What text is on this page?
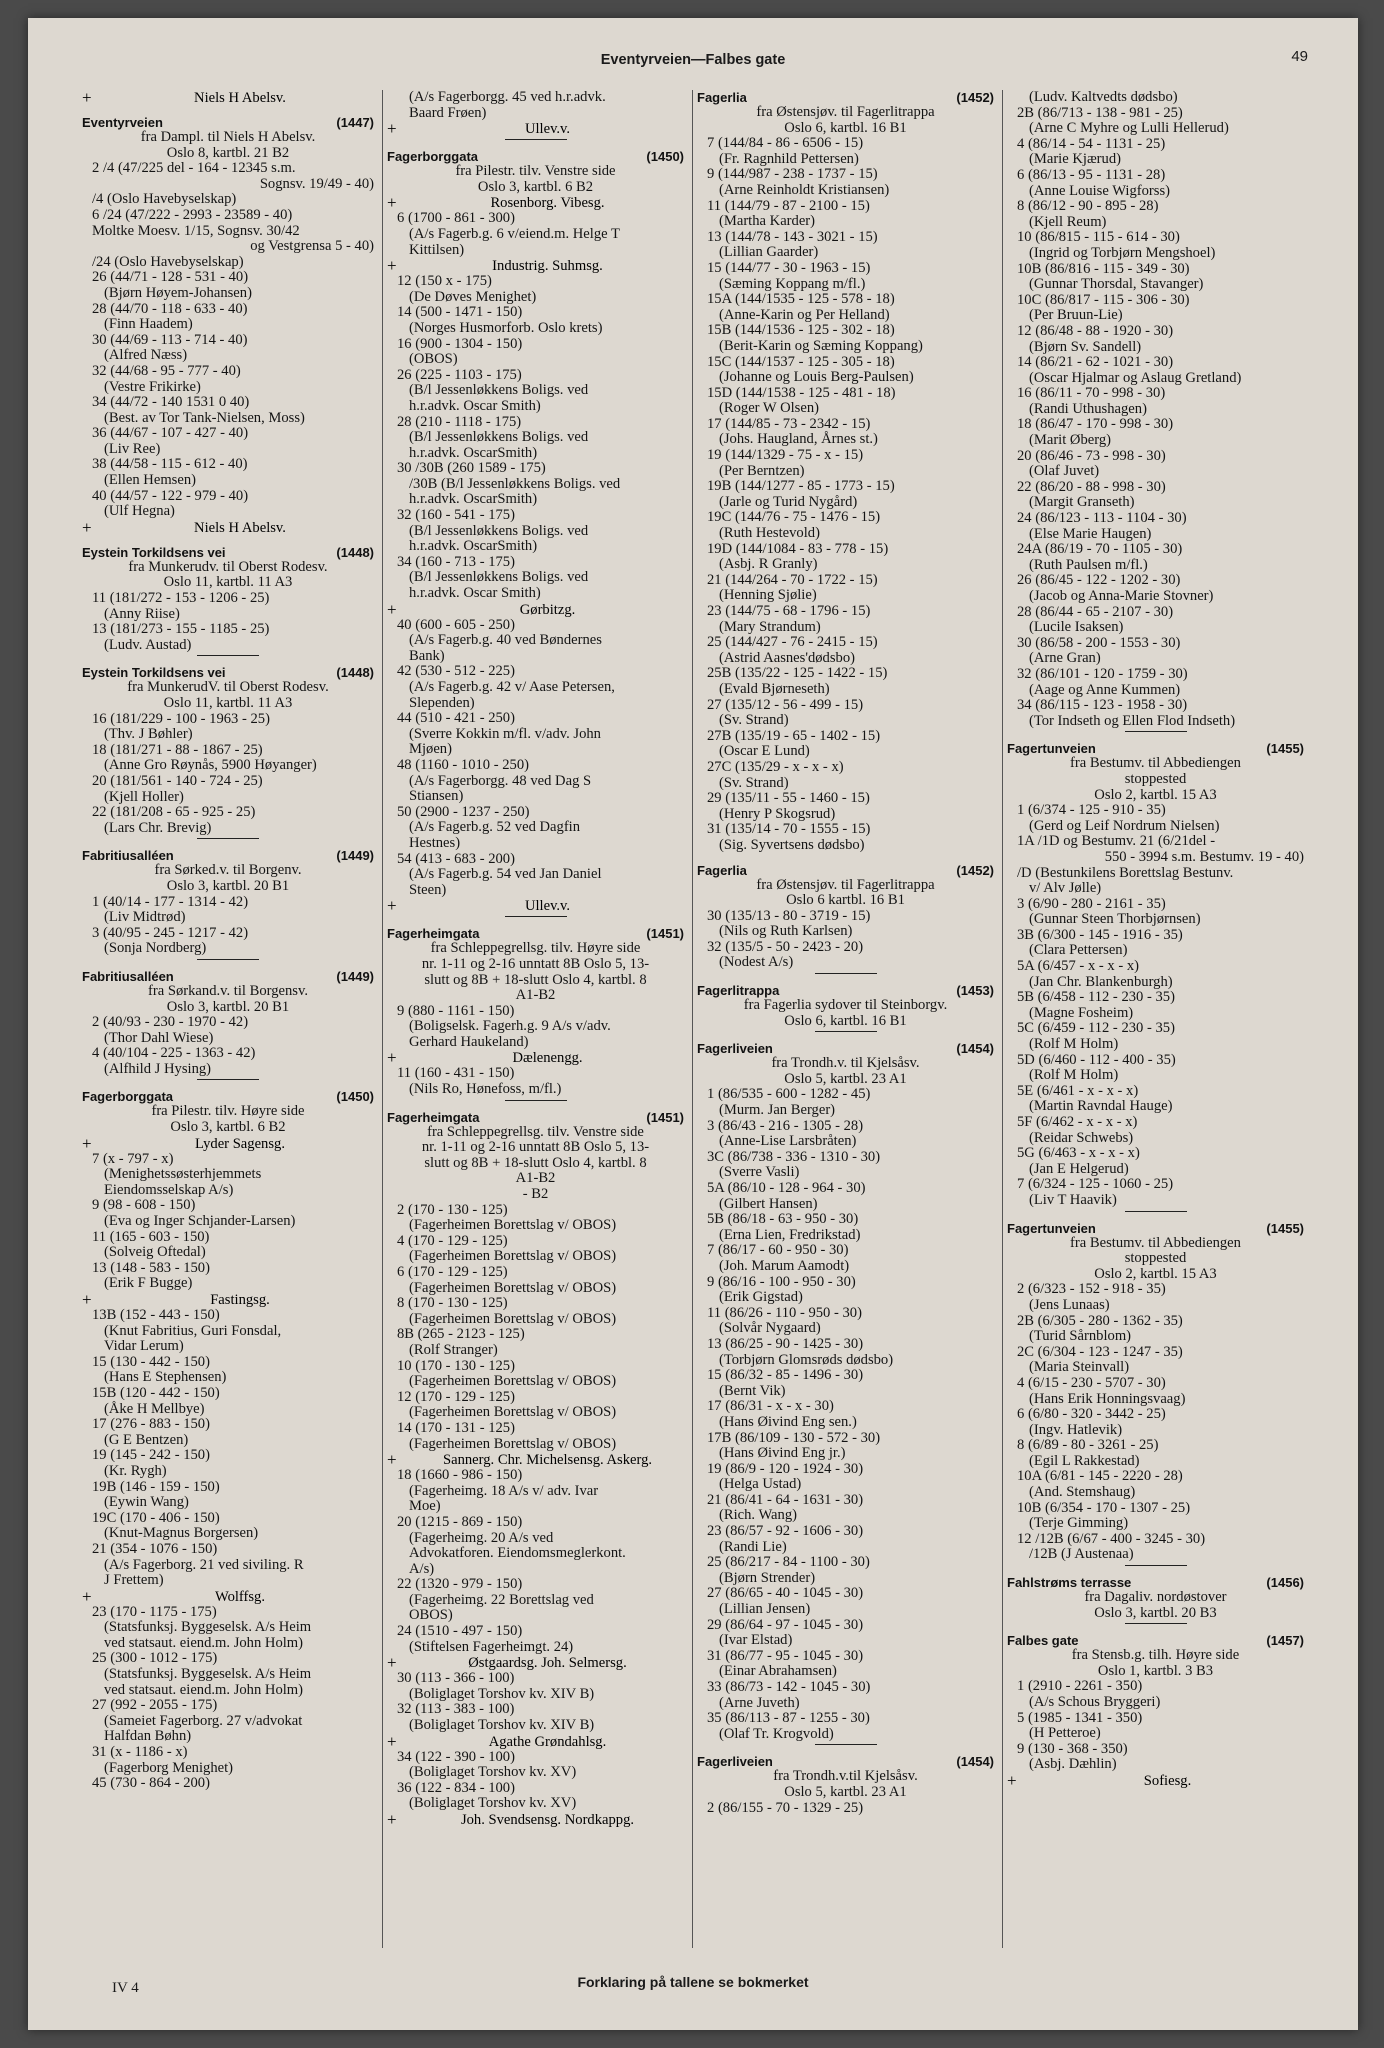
Eventyrveien—Falbes gate	49
+	Niels H Abelsv.
Eventyrveien	(1447)
fra Dampl. til Niels H Abelsv.
Oslo 8, kartbl. 21 B2
2 /4 (47/225 del - 164 - 12345 s.m.
Sognsv. 19/49 - 40)
/4 (Oslo Havebyselskap)
6 /24 (47/222 - 2993 - 23589 - 40)
Moltke Moesv. 1/15, Sognsv. 30/42
og Vestgrensa 5 - 40)
/24 (Oslo Havebyselskap)
26 (44/71 - 128 - 531 - 40)
(Bjørn Høyem-Johansen)
28 (44/70 - 118 - 633 - 40)
(Finn Haadem)
30 (44/69 - 113 - 714 - 40)
(Alfred Næss)
32 (44/68 - 95 - 777 - 40)
(Vestre Frikirke)
34 (44/72 - 140 1531 0 40)
(Best. av Tor Tank-Nielsen, Moss)
36 (44/67 - 107 - 427 - 40)
(Liv Ree)
38 (44/58 - 115 - 612 - 40)
(Ellen Hemsen)
40 (44/57 - 122 - 979 - 40)
(Ulf Hegna)
+	Niels H Abelsv.
Eystein Torkildsens vei	(1448)
fra Munkerudv. til Oberst Rodesv.
Oslo 11, kartbl. 11 A3
11 (181/272 - 153 - 1206 - 25)
(Anny Riise)
13 (181/273 - 155 - 1185 - 25)
(Ludv. Austad)
Eystein Torkildsens vei	(1448)
fra MunkerudV. til Oberst Rodesv.
Oslo 11, kartbl. 11 A3
16 (181/229 - 100 - 1963 - 25)
(Thv. J Bøhler)
18 (181/271 - 88 - 1867 - 25)
(Anne Gro Røynås, 5900 Høyanger)
20 (181/561 - 140 - 724 - 25)
(Kjell Holler)
22 (181/208 - 65 - 925 - 25)
(Lars Chr. Brevig)
Fabritiusalléen	(1449)
fra Sørked.v. til Borgenv.
Oslo 3, kartbl. 20 B1
1 (40/14 - 177 - 1314 - 42)
(Liv Midtrød)
3 (40/95 - 245 - 1217 - 42)
(Sonja Nordberg)
Fabritiusalléen	(1449)
fra Sørkand.v. til Borgensv.
Oslo 3, kartbl. 20 B1
2 (40/93 - 230 - 1970 - 42)
(Thor Dahl Wiese)
4 (40/104 - 225 - 1363 - 42)
(Alfhild J Hysing)
Fagerborggata	(1450)
fra Pilestr. tilv. Høyre side
Oslo 3, kartbl. 6 B2
+	Lyder Sagensg.
7 (x - 797 - x)
(Menighetssøsterhjemmets
Eiendomsselskap A/s)
9 (98 - 608 - 150)
(Eva og Inger Schjander-Larsen)
11 (165 - 603 - 150)
(Solveig Oftedal)
13 (148 - 583 - 150)
(Erik F Bugge)
+	Fastingsg.
13B (152 - 443 - 150)
(Knut Fabritius, Guri Fonsdal,
Vidar Lerum)
15 (130 - 442 - 150)
(Hans E Stephensen)
15B (120 - 442 - 150)
(Åke H Mellbye)
17 (276 - 883 - 150)
(G E Bentzen)
19 (145 - 242 - 150)
(Kr. Rygh)
19B (146 - 159 - 150)
(Eywin Wang)
19C (170 - 406 - 150)
(Knut-Magnus Borgersen)
21 (354 - 1076 - 150)
(A/s Fagerborg. 21 ved siviling. R
J Frettem)
+	Wolffsg.
23 (170 - 1175 - 175)
(Statsfunksj. Byggeselsk. A/s Heim
ved statsaut. eiend.m. John Holm)
25 (300 - 1012 - 175)
(Statsfunksj. Byggeselsk. A/s Heim
ved statsaut. eiend.m. John Holm)
27 (992 - 2055 - 175)
(Sameiet Fagerborg. 27 v/advokat
Halfdan Bøhn)
31 (x - 1186 - x)
(Fagerborg Menighet)
45 (730 - 864 - 200)
(A/s Fagerborgg. 45 ved h.r.advk.
Baard Frøen)
+	Ullev.v.
Fagerborggata	(1450)
fra Pilestr. tilv. Venstre side
Oslo 3, kartbl. 6 B2
+	Rosenborg. Vibesg.
6 (1700 - 861 - 300)
(A/s Fagerb.g. 6 v/eiend.m. Helge T
Kittilsen)
+	Industrig. Suhmsg.
12 (150 x - 175)
(De Døves Menighet)
14 (500 - 1471 - 150)
(Norges Husmorforb. Oslo krets)
16 (900 - 1304 - 150)
(OBOS)
26 (225 - 1103 - 175)
(B/l Jessenløkkens Boligs. ved
h.r.advk. Oscar Smith)
28 (210 - 1118 - 175)
(B/l Jessenløkkens Boligs. ved
h.r.advk. OscarSmith)
30 /30B (260 1589 - 175)
/30B (B/l Jessenløkkens Boligs. ved
h.r.advk. OscarSmith)
32 (160 - 541 - 175)
(B/l Jessenløkkens Boligs. ved
h.r.advk. OscarSmith)
34 (160 - 713 - 175)
(B/l Jessenløkkens Boligs. ved
h.r.advk. Oscar Smith)
+	Gørbitzg.
40 (600 - 605 - 250)
(A/s Fagerb.g. 40 ved Bøndernes
Bank)
42 (530 - 512 - 225)
(A/s Fagerb.g. 42 v/ Aase Petersen,
Slependen)
44 (510 - 421 - 250)
(Sverre Kokkin m/fl. v/adv. John
Mjøen)
48 (1160 - 1010 - 250)
(A/s Fagerborgg. 48 ved Dag S
Stiansen)
50 (2900 - 1237 - 250)
(A/s Fagerb.g. 52 ved Dagfin
Hestnes)
54 (413 - 683 - 200)
(A/s Fagerb.g. 54 ved Jan Daniel
Steen)
+	Ullev.v.
Fagerheimgata	(1451)
fra Schleppegrellsg. tilv. Høyre side
nr. 1-11 og 2-16 unntatt 8B Oslo 5, 13-
slutt og 8B + 18-slutt Oslo 4, kartbl. 8
A1-B2
9 (880 - 1161 - 150)
(Boligselsk. Fagerh.g. 9 A/s v/adv.
Gerhard Haukeland)
+	Dælenengg.
11 (160 - 431 - 150)
(Nils Ro, Hønefoss, m/fl.)
Fagerheimgata	(1451)
fra Schleppegrellsg. tilv. Venstre side
nr. 1-11 og 2-16 unntatt 8B Oslo 5, 13-
slutt og 8B + 18-slutt Oslo 4, kartbl. 8
A1-B2
- B2
2 (170 - 130 - 125)
(Fagerheimen Borettslag v/ OBOS)
4 (170 - 129 - 125)
(Fagerheimen Borettslag v/ OBOS)
6 (170 - 129 - 125)
(Fagerheimen Borettslag v/ OBOS)
8 (170 - 130 - 125)
(Fagerheimen Borettslag v/ OBOS)
8B (265 - 2123 - 125)
(Rolf Stranger)
10 (170 - 130 - 125)
(Fagerheimen Borettslag v/ OBOS)
12 (170 - 129 - 125)
(Fagerheimen Borettslag v/ OBOS)
14 (170 - 131 - 125)
(Fagerheimen Borettslag v/ OBOS)
+	Sannerg. Chr. Michelsensg. Askerg.
18 (1660 - 986 - 150)
(Fagerheimg. 18 A/s v/ adv. Ivar
Moe)
20 (1215 - 869 - 150)
(Fagerheimg. 20 A/s ved
Advokatforen. Eiendomsmeglerkont.
A/s)
22 (1320 - 979 - 150)
(Fagerheimg. 22 Borettslag ved
OBOS)
24 (1510 - 497 - 150)
(Stiftelsen Fagerheimgt. 24)
+	Østgaardsg. Joh. Selmersg.
30 (113 - 366 - 100)
(Boliglaget Torshov kv. XIV B)
32 (113 - 383 - 100)
(Boliglaget Torshov kv. XIV B)
+	Agathe Grøndahlsg.
34 (122 - 390 - 100)
(Boliglaget Torshov kv. XV)
36 (122 - 834 - 100)
(Boliglaget Torshov kv. XV)
+	Joh. Svendsensg. Nordkappg.
Fagerlia	(1452)
fra Østensjøv. til Fagerlitrappa
Oslo 6, kartbl. 16 B1
7 (144/84 - 86 - 6506 - 15)
(Fr. Ragnhild Pettersen)
9 (144/987 - 238 - 1737 - 15)
(Arne Reinholdt Kristiansen)
11 (144/79 - 87 - 2100 - 15)
(Martha Karder)
13 (144/78 - 143 - 3021 - 15)
(Lillian Gaarder)
15 (144/77 - 30 - 1963 - 15)
(Sæming Koppang m/fl.)
15A (144/1535 - 125 - 578 - 18)
(Anne-Karin og Per Helland)
15B (144/1536 - 125 - 302 - 18)
(Berit-Karin og Sæming Koppang)
15C (144/1537 - 125 - 305 - 18)
(Johanne og Louis Berg-Paulsen)
15D (144/1538 - 125 - 481 - 18)
(Roger W Olsen)
17 (144/85 - 73 - 2342 - 15)
(Johs. Haugland, Årnes st.)
19 (144/1329 - 75 - x - 15)
(Per Berntzen)
19B (144/1277 - 85 - 1773 - 15)
(Jarle og Turid Nygård)
19C (144/76 - 75 - 1476 - 15)
(Ruth Hestevold)
19D (144/1084 - 83 - 778 - 15)
(Asbj. R Granly)
21 (144/264 - 70 - 1722 - 15)
(Henning Sjølie)
23 (144/75 - 68 - 1796 - 15)
(Mary Strandum)
25 (144/427 - 76 - 2415 - 15)
(Astrid Aasnes'dødsbo)
25B (135/22 - 125 - 1422 - 15)
(Evald Bjørneseth)
27 (135/12 - 56 - 499 - 15)
(Sv. Strand)
27B (135/19 - 65 - 1402 - 15)
(Oscar E Lund)
27C (135/29 - x - x - x)
(Sv. Strand)
29 (135/11 - 55 - 1460 - 15)
(Henry P Skogsrud)
31 (135/14 - 70 - 1555 - 15)
(Sig. Syvertsens dødsbo)
Fagerlia	(1452)
fra Østensjøv. til Fagerlitrappa
Oslo 6 kartbl. 16 B1
30 (135/13 - 80 - 3719 - 15)
(Nils og Ruth Karlsen)
32 (135/5 - 50 - 2423 - 20)
(Nodest A/s)
Fagerlitrappa	(1453)
fra Fagerlia sydover til Steinborgv.
Oslo 6, kartbl. 16 B1
Fagerliveien	(1454)
fra Trondh.v. til Kjelsåsv.
Oslo 5, kartbl. 23 A1
1 (86/535 - 600 - 1282 - 45)
(Murm. Jan Berger)
3 (86/43 - 216 - 1305 - 28)
(Anne-Lise Larsbråten)
3C (86/738 - 336 - 1310 - 30)
(Sverre Vasli)
5A (86/10 - 128 - 964 - 30)
(Gilbert Hansen)
5B (86/18 - 63 - 950 - 30)
(Erna Lien, Fredrikstad)
7 (86/17 - 60 - 950 - 30)
(Joh. Marum Aamodt)
9 (86/16 - 100 - 950 - 30)
(Erik Gigstad)
11 (86/26 - 110 - 950 - 30)
(Solvår Nygaard)
13 (86/25 - 90 - 1425 - 30)
(Torbjørn Glomsrøds dødsbo)
15 (86/32 - 85 - 1496 - 30)
(Bernt Vik)
17 (86/31 - x - x - 30)
(Hans Øivind Eng sen.)
17B (86/109 - 130 - 572 - 30)
(Hans Øivind Eng jr.)
19 (86/9 - 120 - 1924 - 30)
(Helga Ustad)
21 (86/41 - 64 - 1631 - 30)
(Rich. Wang)
23 (86/57 - 92 - 1606 - 30)
(Randi Lie)
25 (86/217 - 84 - 1100 - 30)
(Bjørn Strender)
27 (86/65 - 40 - 1045 - 30)
(Lillian Jensen)
29 (86/64 - 97 - 1045 - 30)
(Ivar Elstad)
31 (86/77 - 95 - 1045 - 30)
(Einar Abrahamsen)
33 (86/73 - 142 - 1045 - 30)
(Arne Juveth)
35 (86/113 - 87 - 1255 - 30)
(Olaf Tr. Krogvold)
Fagerliveien	(1454)
fra Trondh.v.til Kjelsåsv.
Oslo 5, kartbl. 23 A1
2 (86/155 - 70 - 1329 - 25)
(Ludv. Kaltvedts dødsbo)
2B (86/713 - 138 - 981 - 25)
(Arne C Myhre og Lulli Hellerud)
4 (86/14 - 54 - 1131 - 25)
(Marie Kjærud)
6 (86/13 - 95 - 1131 - 28)
(Anne Louise Wigforss)
8 (86/12 - 90 - 895 - 28)
(Kjell Reum)
10 (86/815 - 115 - 614 - 30)
(Ingrid og Torbjørn Mengshoel)
10B (86/816 - 115 - 349 - 30)
(Gunnar Thorsdal, Stavanger)
10C (86/817 - 115 - 306 - 30)
(Per Bruun-Lie)
12 (86/48 - 88 - 1920 - 30)
(Bjørn Sv. Sandell)
14 (86/21 - 62 - 1021 - 30)
(Oscar Hjalmar og Aslaug Gretland)
16 (86/11 - 70 - 998 - 30)
(Randi Uthushagen)
18 (86/47 - 170 - 998 - 30)
(Marit Øberg)
20 (86/46 - 73 - 998 - 30)
(Olaf Juvet)
22 (86/20 - 88 - 998 - 30)
(Margit Granseth)
24 (86/123 - 113 - 1104 - 30)
(Else Marie Haugen)
24A (86/19 - 70 - 1105 - 30)
(Ruth Paulsen m/fl.)
26 (86/45 - 122 - 1202 - 30)
(Jacob og Anna-Marie Stovner)
28 (86/44 - 65 - 2107 - 30)
(Lucile Isaksen)
30 (86/58 - 200 - 1553 - 30)
(Arne Gran)
32 (86/101 - 120 - 1759 - 30)
(Aage og Anne Kummen)
34 (86/115 - 123 - 1958 - 30)
(Tor Indseth og Ellen Flod Indseth)
Fagertunveien	(1455)
fra Bestumv. til Abbediengen
stoppested
Oslo 2, kartbl. 15 A3
1 (6/374 - 125 - 910 - 35)
(Gerd og Leif Nordrum Nielsen)
1A /1D og Bestumv. 21 (6/21del -
550 - 3994 s.m. Bestumv. 19 - 40)
/D (Bestunkilens Borettslag Bestunv.
v/ Alv Jølle)
3 (6/90 - 280 - 2161 - 35)
(Gunnar Steen Thorbjørnsen)
3B (6/300 - 145 - 1916 - 35)
(Clara Pettersen)
5A (6/457 - x - x - x)
(Jan Chr. Blankenburgh)
5B (6/458 - 112 - 230 - 35)
(Magne Fosheim)
5C (6/459 - 112 - 230 - 35)
(Rolf M Holm)
5D (6/460 - 112 - 400 - 35)
(Rolf M Holm)
5E (6/461 - x - x - x)
(Martin Ravndal Hauge)
5F (6/462 - x - x - x)
(Reidar Schwebs)
5G (6/463 - x - x - x)
(Jan E Helgerud)
7 (6/324 - 125 - 1060 - 25)
(Liv T Haavik)
Fagertunveien	(1455)
fra Bestumv. til Abbediengen
stoppested
Oslo 2, kartbl. 15 A3
2 (6/323 - 152 - 918 - 35)
(Jens Lunaas)
2B (6/305 - 280 - 1362 - 35)
(Turid Sårnblom)
2C (6/304 - 123 - 1247 - 35)
(Maria Steinvall)
4 (6/15 - 230 - 5707 - 30)
(Hans Erik Honningsvaag)
6 (6/80 - 320 - 3442 - 25)
(Ingv. Hatlevik)
8 (6/89 - 80 - 3261 - 25)
(Egil L Rakkestad)
10A (6/81 - 145 - 2220 - 28)
(And. Stemshaug)
10B (6/354 - 170 - 1307 - 25)
(Terje Gimming)
12 /12B (6/67 - 400 - 3245 - 30)
/12B (J Austenaa)
Fahlstrøms terrasse	(1456)
fra Dagaliv. nordøstover
Oslo 3, kartbl. 20 B3
Falbes gate	(1457)
fra Stensb.g. tilh. Høyre side
Oslo 1, kartbl. 3 B3
1 (2910 - 2261 - 350)
(A/s Schous Bryggeri)
5 (1985 - 1341 - 350)
(H Petteroe)
9 (130 - 368 - 350)
(Asbj. Dæhlin)
+	Sofiesg.
IV 4	Forklaring på tallene se bokmerket
